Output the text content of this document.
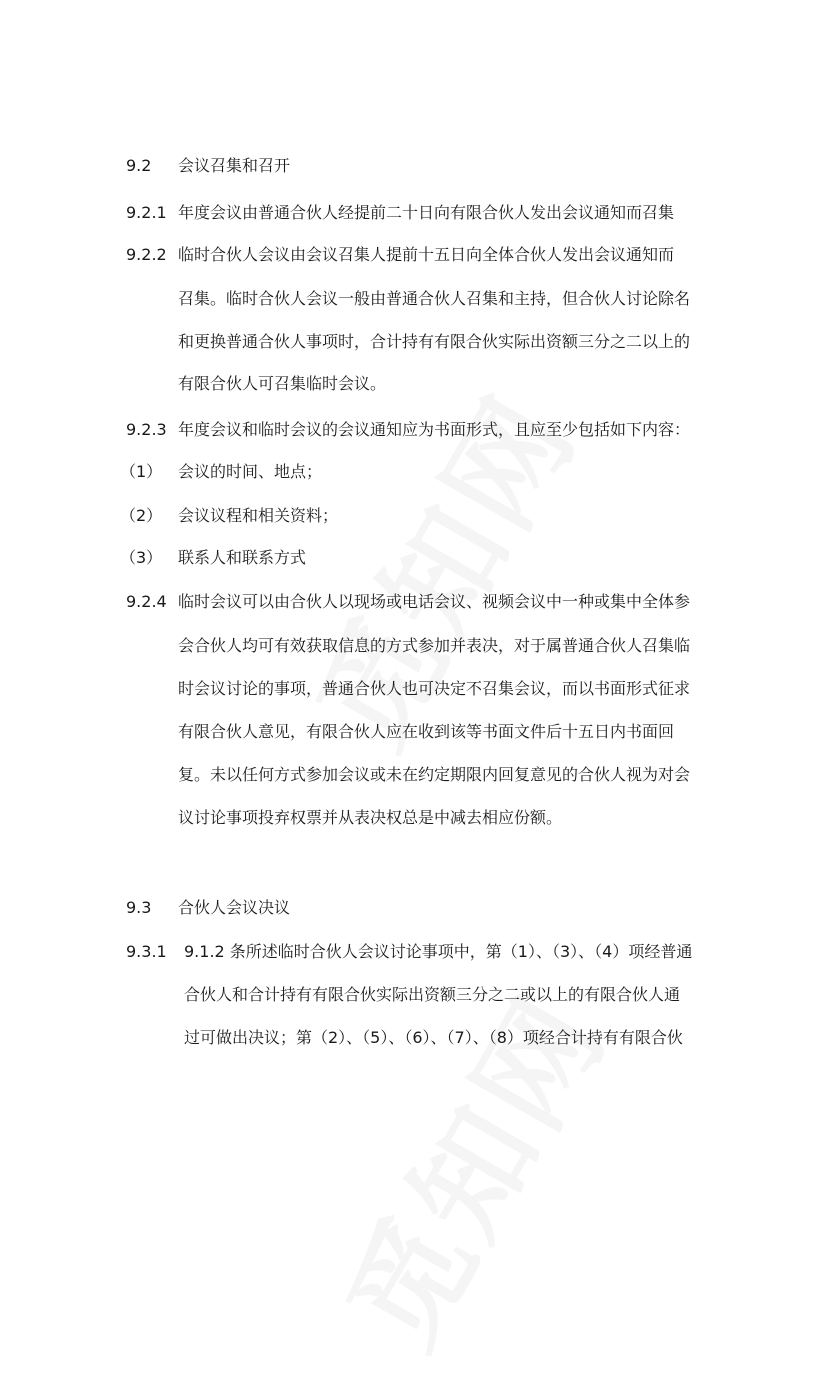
9.2 会议召集和召开
9.2.1 年度会议由普通合伙人经提前二十日向有限合伙人发出会议通知而召集
9.2.2 临时合伙人会议由会议召集人提前十五日向全体合伙人发出会议通知而
召集。临时合伙人会议一般由普通合伙人召集和主持，但合伙人讨论除名
和更换普通合伙人事项时，合计持有有限合伙实际出资额三分之二以上的
有限合伙人可召集临时会议。
9.2.3 年度会议和临时会议的会议通知应为书面形式，且应至少包括如下内容：
（1） 会议的时间、地点；
（2） 会议议程和相关资料；
（3） 联系人和联系方式
9.2.4 临时会议可以由合伙人以现场或电话会议、视频会议中一种或集中全体参
会合伙人均可有效获取信息的方式参加并表决，对于属普通合伙人召集临
时会议讨论的事项，普通合伙人也可决定不召集会议，而以书面形式征求
有限合伙人意见，有限合伙人应在收到该等书面文件后十五日内书面回
复。未以任何方式参加会议或未在约定期限内回复意见的合伙人视为对会
议讨论事项投弃权票并从表决权总是中减去相应份额。
9.3 合伙人会议决议
9.3.1 9.1.2 条所述临时合伙人会议讨论事项中，第（1）、（3）、（4）项经普通
合伙人和合计持有有限合伙实际出资额三分之二或以上的有限合伙人通
过可做出决议；第（2）、（5）、（6）、（7）、（8）项经合计持有有限合伙
